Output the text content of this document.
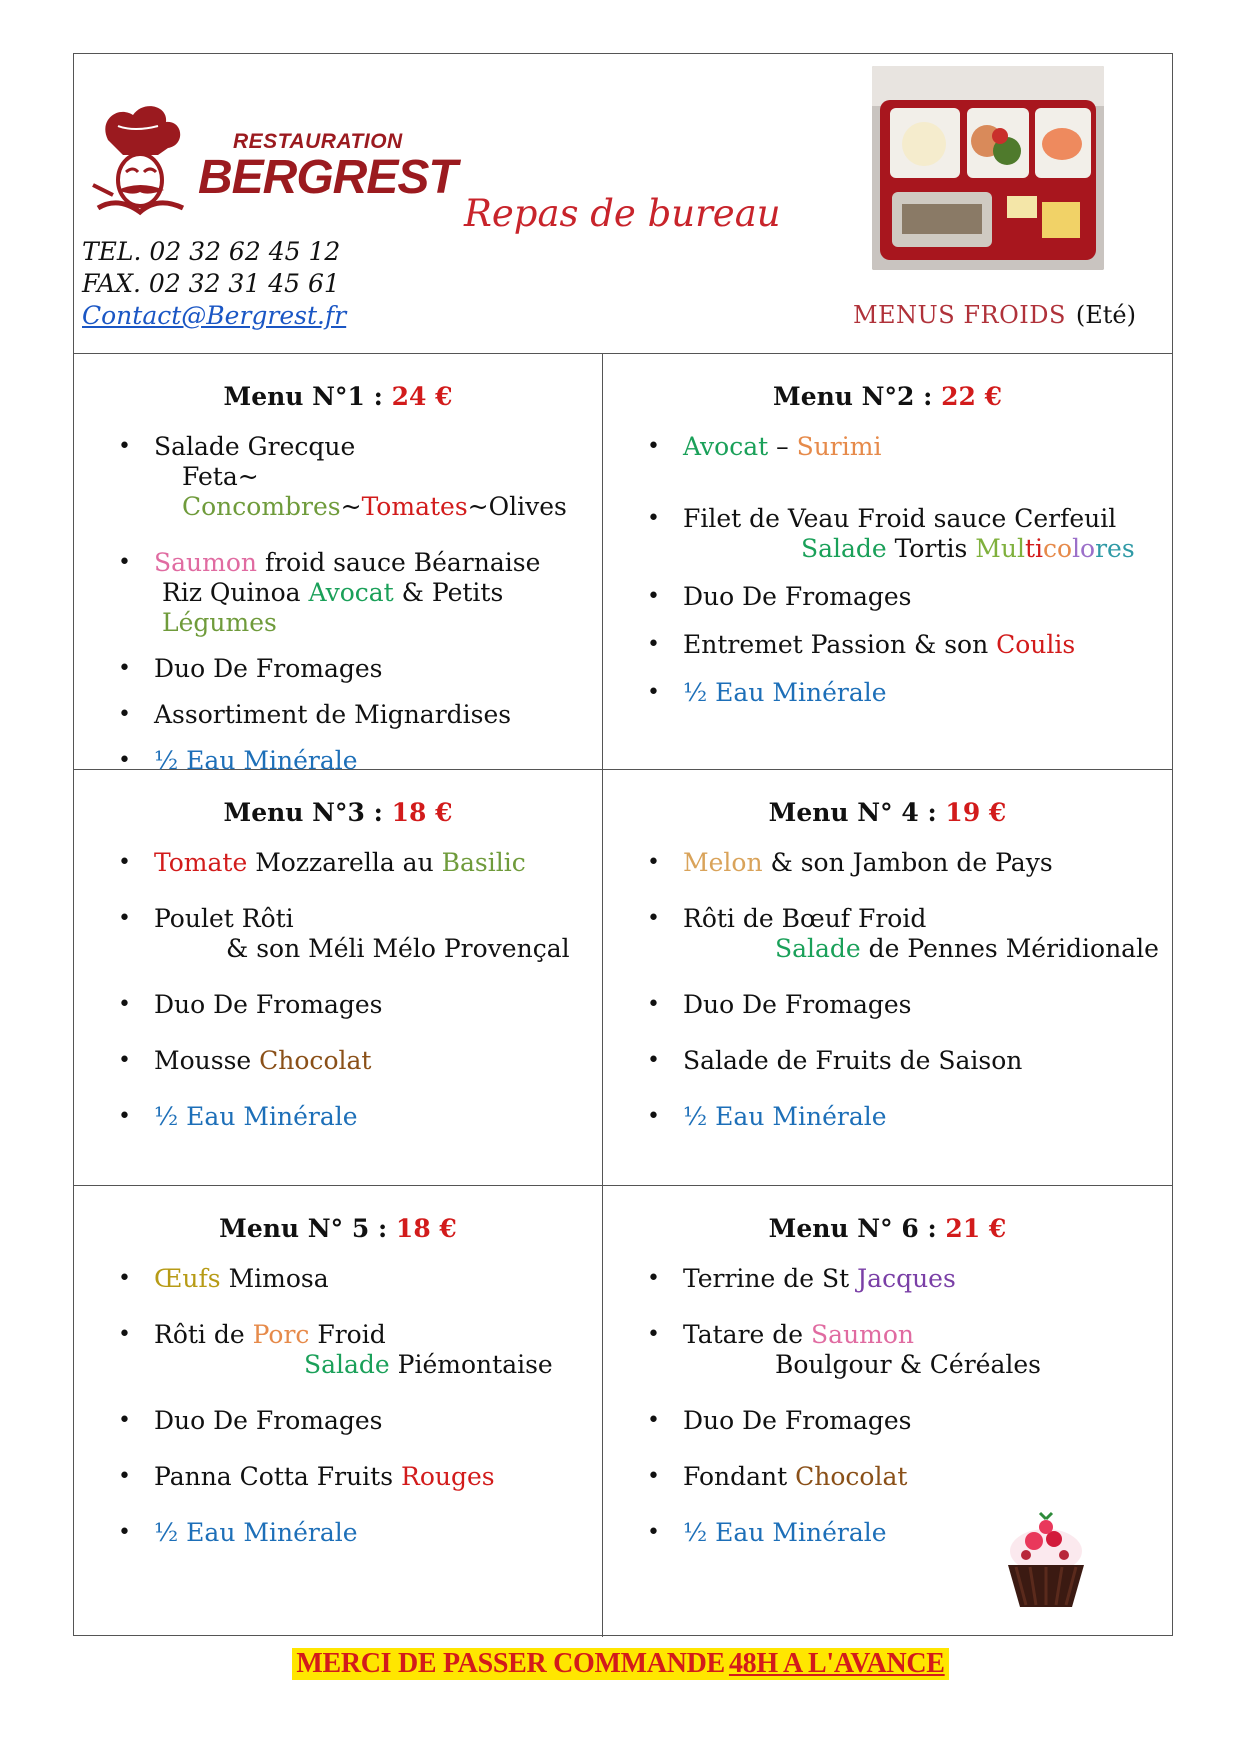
RESTAURATION
BERGREST
TEL. 02 32 62 45 12
FAX. 02 32 31 45 61
Contact@Bergrest.fr
Repas de bureau
MENUS FROIDS (Eté)
Menu N°1 : 24 €
• Salade Grecque
Feta~ Concombres~Tomates~Olives
• Saumon froid sauce Béarnaise
Riz Quinoa Avocat & Petits Légumes
• Duo De Fromages
• Assortiment de Mignardises
• ½ Eau Minérale
Menu N°2 : 22 €
• Avocat – Surimi
• Filet de Veau Froid sauce Cerfeuil
Salade Tortis Multicolores
• Duo De Fromages
• Entremet Passion & son Coulis
• ½ Eau Minérale
Menu N°3 : 18 €
• Tomate Mozzarella au Basilic
• Poulet Rôti
& son Méli Mélo Provençal
• Duo De Fromages
• Mousse Chocolat
• ½ Eau Minérale
Menu N° 4 : 19 €
• Melon & son Jambon de Pays
• Rôti de Bœuf Froid
Salade de Pennes Méridionale
• Duo De Fromages
• Salade de Fruits de Saison
• ½ Eau Minérale
Menu N° 5 : 18 €
• Œufs Mimosa
• Rôti de Porc Froid
Salade Piémontaise
• Duo De Fromages
• Panna Cotta Fruits Rouges
• ½ Eau Minérale
Menu N° 6 : 21 €
• Terrine de St Jacques
• Tatare de Saumon
Boulgour & Céréales
• Duo De Fromages
• Fondant Chocolat
• ½ Eau Minérale
MERCI DE PASSER COMMANDE48H A L'AVANCE
